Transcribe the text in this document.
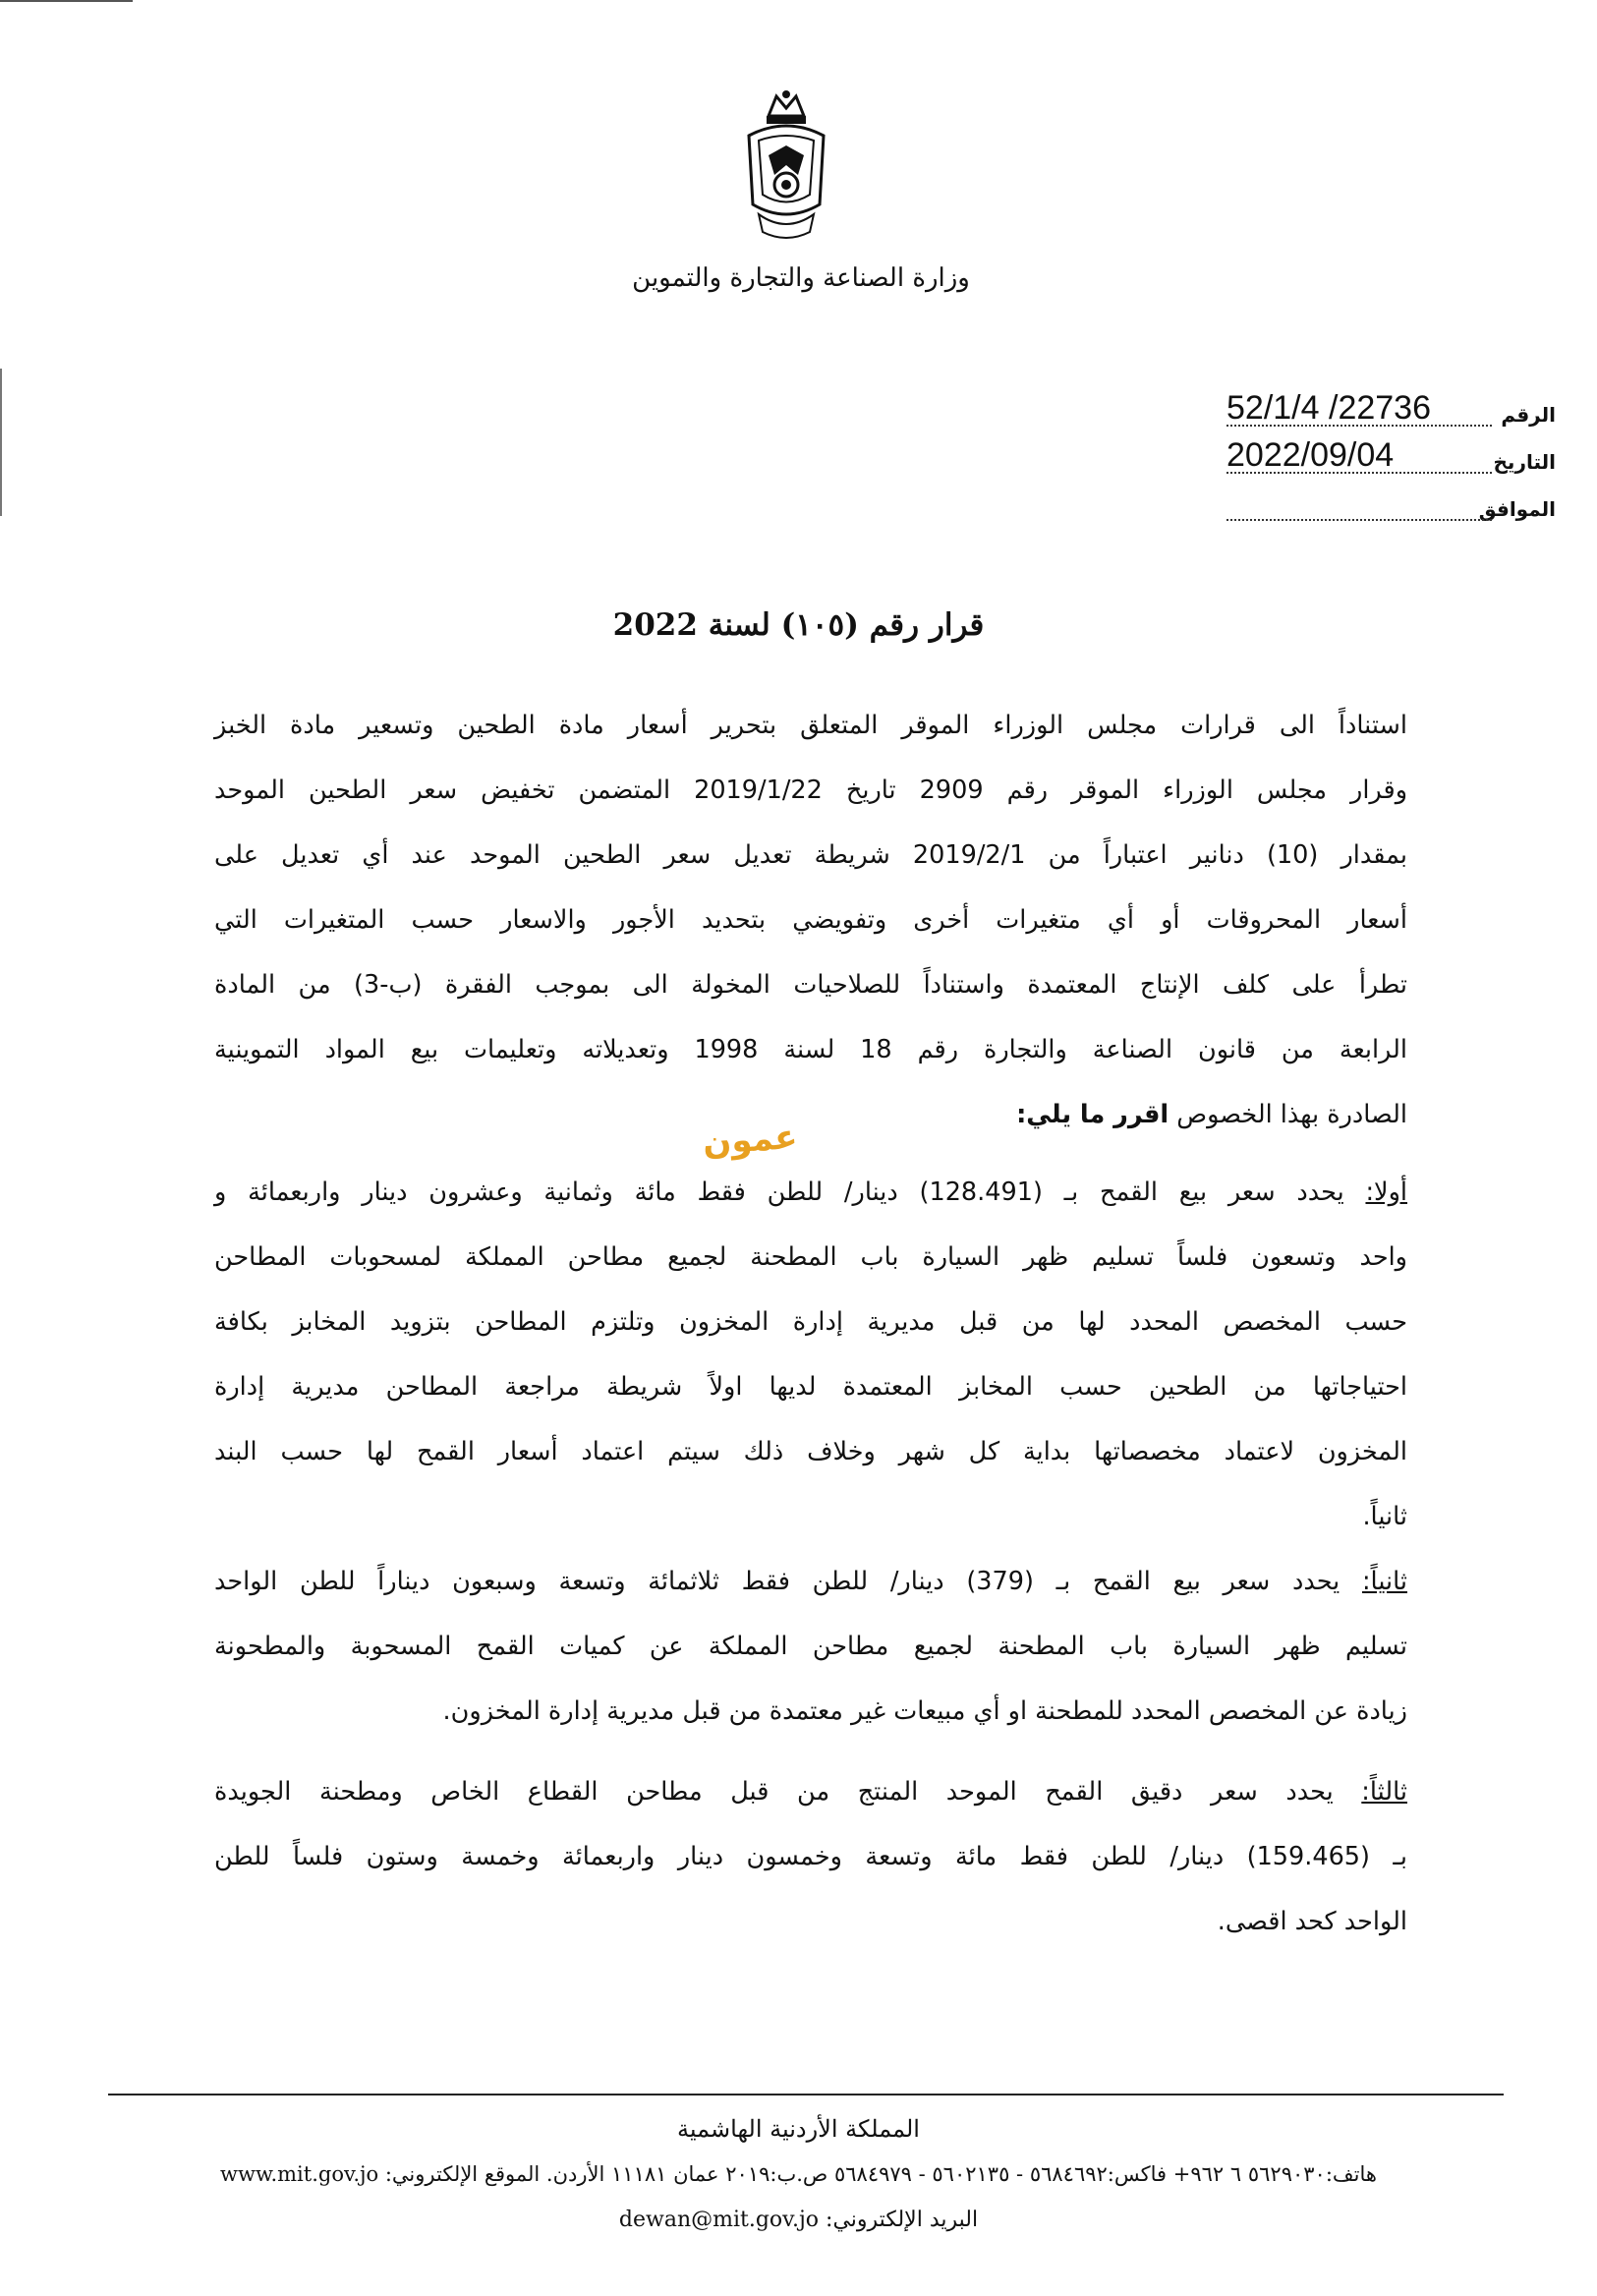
وزارة الصناعة والتجارة والتموين
الرقم
22736/ 52/1/4
التاريخ
2022/09/04
الموافق
قرار رقم (١٠٥) لسنة 2022
استناداً الى قرارات مجلس الوزراء الموقر المتعلق بتحرير أسعار مادة الطحين وتسعير مادة الخبز
وقرار مجلس الوزراء الموقر رقم 2909 تاريخ 2019/1/22 المتضمن تخفيض سعر الطحين الموحد
بمقدار (10) دنانير اعتباراً من 2019/2/1 شريطة تعديل سعر الطحين الموحد عند أي تعديل على
أسعار المحروقات أو أي متغيرات أخرى وتفويضي بتحديد الأجور والاسعار حسب المتغيرات التي
تطرأ على كلف الإنتاج المعتمدة واستناداً للصلاحيات المخولة الى بموجب الفقرة (ب-3) من المادة
الرابعة من قانون الصناعة والتجارة رقم 18 لسنة 1998 وتعديلاته وتعليمات بيع المواد التموينية
الصادرة بهذا الخصوص اقرر ما يلي:
عمون
أولا: يحدد سعر بيع القمح بـ (128.491) دينار/ للطن فقط مائة وثمانية وعشرون دينار واربعمائة و
واحد وتسعون فلساً تسليم ظهر السيارة باب المطحنة لجميع مطاحن المملكة لمسحوبات المطاحن
حسب المخصص المحدد لها من قبل مديرية إدارة المخزون وتلتزم المطاحن بتزويد المخابز بكافة
احتياجاتها من الطحين حسب المخابز المعتمدة لديها اولاً شريطة مراجعة المطاحن مديرية إدارة
المخزون لاعتماد مخصصاتها بداية كل شهر وخلاف ذلك سيتم اعتماد أسعار القمح لها حسب البند
ثانياً.
ثانياً: يحدد سعر بيع القمح بـ (379) دينار/ للطن فقط ثلاثمائة وتسعة وسبعون ديناراً للطن الواحد
تسليم ظهر السيارة باب المطحنة لجميع مطاحن المملكة عن كميات القمح المسحوبة والمطحونة
زيادة عن المخصص المحدد للمطحنة او أي مبيعات غير معتمدة من قبل مديرية إدارة المخزون.
ثالثاً: يحدد سعر دقيق القمح الموحد المنتج من قبل مطاحن القطاع الخاص ومطحنة الجويدة
بـ (159.465) دينار/ للطن فقط مائة وتسعة وخمسون دينار واربعمائة وخمسة وستون فلساً للطن
الواحد كحد اقصى.
المملكة الأردنية الهاشمية
هاتف:٥٦٢٩٠٣٠ ٦ ٩٦٢+ فاكس:٥٦٨٤٦٩٢ - ٥٦٠٢١٣٥ - ٥٦٨٤٩٧٩ ص.ب:٢٠١٩ عمان ١١١٨١ الأردن. الموقع الإلكتروني: www.mit.gov.jo
البريد الإلكتروني: dewan@mit.gov.jo
